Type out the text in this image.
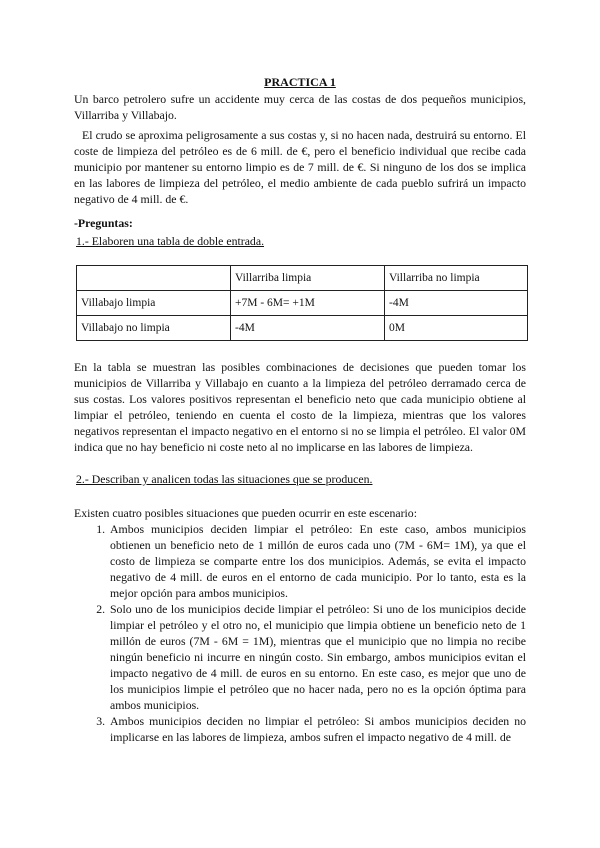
PRACTICA 1

Un barco petrolero sufre un accidente muy cerca de las costas de dos pequeños municipios, Villarriba y Villabajo.

El crudo se aproxima peligrosamente a sus costas y, si no hacen nada, destruirá su entorno. El coste de limpieza del petróleo es de 6 mill. de €, pero el beneficio individual que recibe cada municipio por mantener su entorno limpio es de 7 mill. de €. Si ninguno de los dos se implica en las labores de limpieza del petróleo, el medio ambiente de cada pueblo sufrirá un impacto negativo de 4 mill. de €.

-Preguntas:

1.- Elaboren una tabla de doble entrada.

	Villarriba limpia	Villarriba no limpia
Villabajo limpia	+7M - 6M= +1M	-4M
Villabajo no limpia	-4M	0M

En la tabla se muestran las posibles combinaciones de decisiones que pueden tomar los municipios de Villarriba y Villabajo en cuanto a la limpieza del petróleo derramado cerca de sus costas. Los valores positivos representan el beneficio neto que cada municipio obtiene al limpiar el petróleo, teniendo en cuenta el costo de la limpieza, mientras que los valores negativos representan el impacto negativo en el entorno si no se limpia el petróleo. El valor 0M indica que no hay beneficio ni coste neto al no implicarse en las labores de limpieza.

2.- Describan y analicen todas las situaciones que se producen.

Existen cuatro posibles situaciones que pueden ocurrir en este escenario:

1. Ambos municipios deciden limpiar el petróleo: En este caso, ambos municipios obtienen un beneficio neto de 1 millón de euros cada uno (7M - 6M= 1M), ya que el costo de limpieza se comparte entre los dos municipios. Además, se evita el impacto negativo de 4 mill. de euros en el entorno de cada municipio. Por lo tanto, esta es la mejor opción para ambos municipios.
2. Solo uno de los municipios decide limpiar el petróleo: Si uno de los municipios decide limpiar el petróleo y el otro no, el municipio que limpia obtiene un beneficio neto de 1 millón de euros (7M - 6M = 1M), mientras que el municipio que no limpia no recibe ningún beneficio ni incurre en ningún costo. Sin embargo, ambos municipios evitan el impacto negativo de 4 mill. de euros en su entorno. En este caso, es mejor que uno de los municipios limpie el petróleo que no hacer nada, pero no es la opción óptima para ambos municipios.
3. Ambos municipios deciden no limpiar el petróleo: Si ambos municipios deciden no implicarse en las labores de limpieza, ambos sufren el impacto negativo de 4 mill. de
